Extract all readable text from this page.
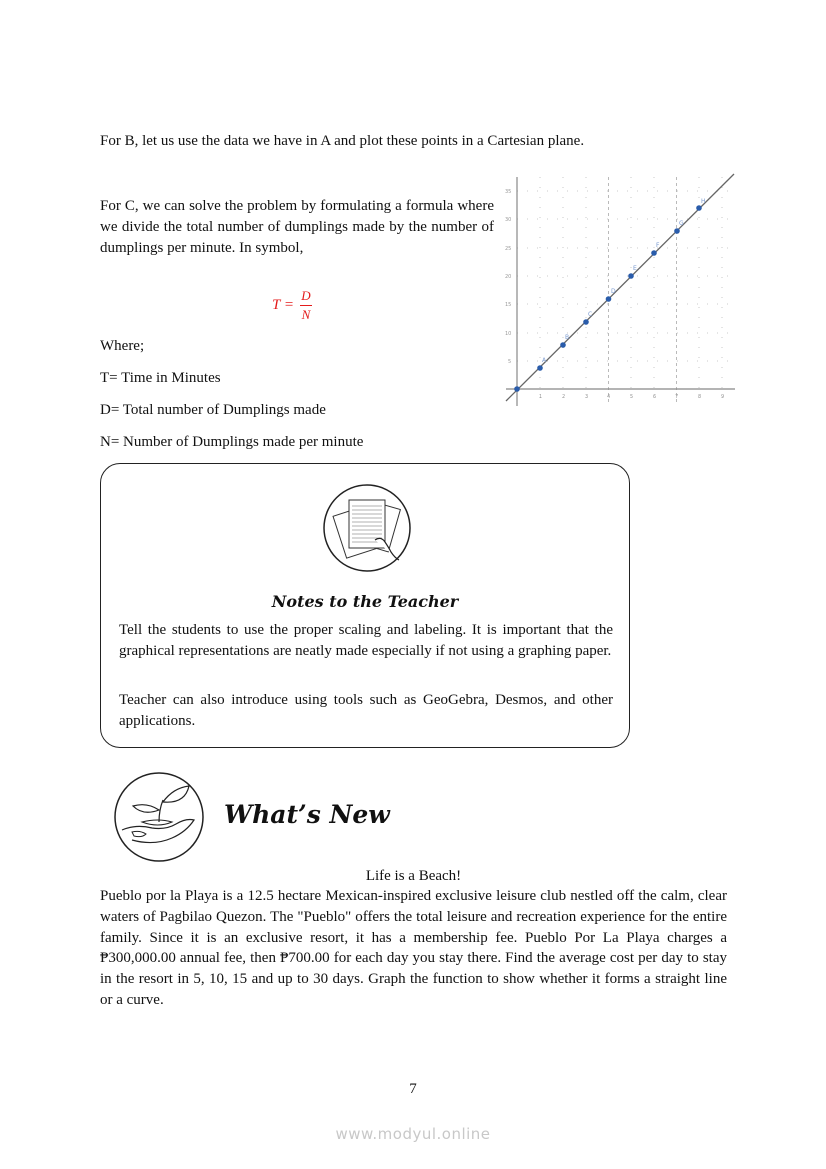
For B, let us use the data we have in A and plot these points in a Cartesian plane.
For C, we can solve the problem by formulating a formula where we divide the total number of dumplings made by the number of dumplings per minute. In symbol,
$T = \frac{D}{N}$
Where;
T= Time in Minutes
D= Total number of Dumplings made
N= Number of Dumplings made per minute
1	2	3	4	5	6	7	8	9
5
10
15
20
25
30
35
A
B
C
D
E
F
G
H
Notes to the Teacher
Tell the students to use the proper scaling and labeling. It is important that the graphical representations are neatly made especially if not using a graphing paper.
Teacher can also introduce using tools such as GeoGebra, Desmos, and other applications.
What’s New
Life is a Beach!
Pueblo por la Playa is a 12.5 hectare Mexican-inspired exclusive leisure club nestled off the calm, clear waters of Pagbilao Quezon. The "Pueblo" offers the total leisure and recreation experience for the entire family. Since it is an exclusive resort, it has a membership fee. Pueblo Por La Playa charges a ₱300,000.00 annual fee, then ₱700.00 for each day you stay there. Find the average cost per day to stay in the resort in 5, 10, 15 and up to 30 days. Graph the function to show whether it forms a straight line or a curve.
7
www.modyul.online
